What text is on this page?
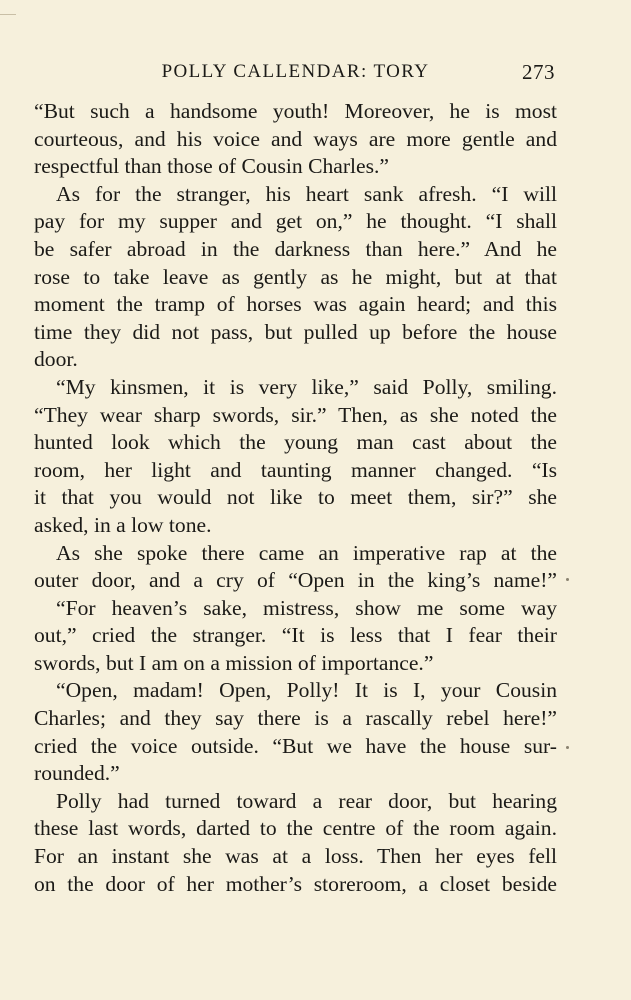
POLLY CALLENDAR: TORY	273
“But such a handsome youth! Moreover, he is most
courteous, and his voice and ways are more gentle and
respectful than those of Cousin Charles.”
As for the stranger, his heart sank afresh. “I will
pay for my supper and get on,” he thought. “I shall
be safer abroad in the darkness than here.” And he
rose to take leave as gently as he might, but at that
moment the tramp of horses was again heard; and this
time they did not pass, but pulled up before the house
door.
“My kinsmen, it is very like,” said Polly, smiling.
“They wear sharp swords, sir.” Then, as she noted the
hunted look which the young man cast about the
room, her light and taunting manner changed. “Is
it that you would not like to meet them, sir?” she
asked, in a low tone.
As she spoke there came an imperative rap at the
outer door, and a cry of “Open in the king’s name!”
“For heaven’s sake, mistress, show me some way
out,” cried the stranger. “It is less that I fear their
swords, but I am on a mission of importance.”
“Open, madam! Open, Polly! It is I, your Cousin
Charles; and they say there is a rascally rebel here!”
cried the voice outside. “But we have the house sur-
rounded.”
Polly had turned toward a rear door, but hearing
these last words, darted to the centre of the room again.
For an instant she was at a loss. Then her eyes fell
on the door of her mother’s storeroom, a closet beside
